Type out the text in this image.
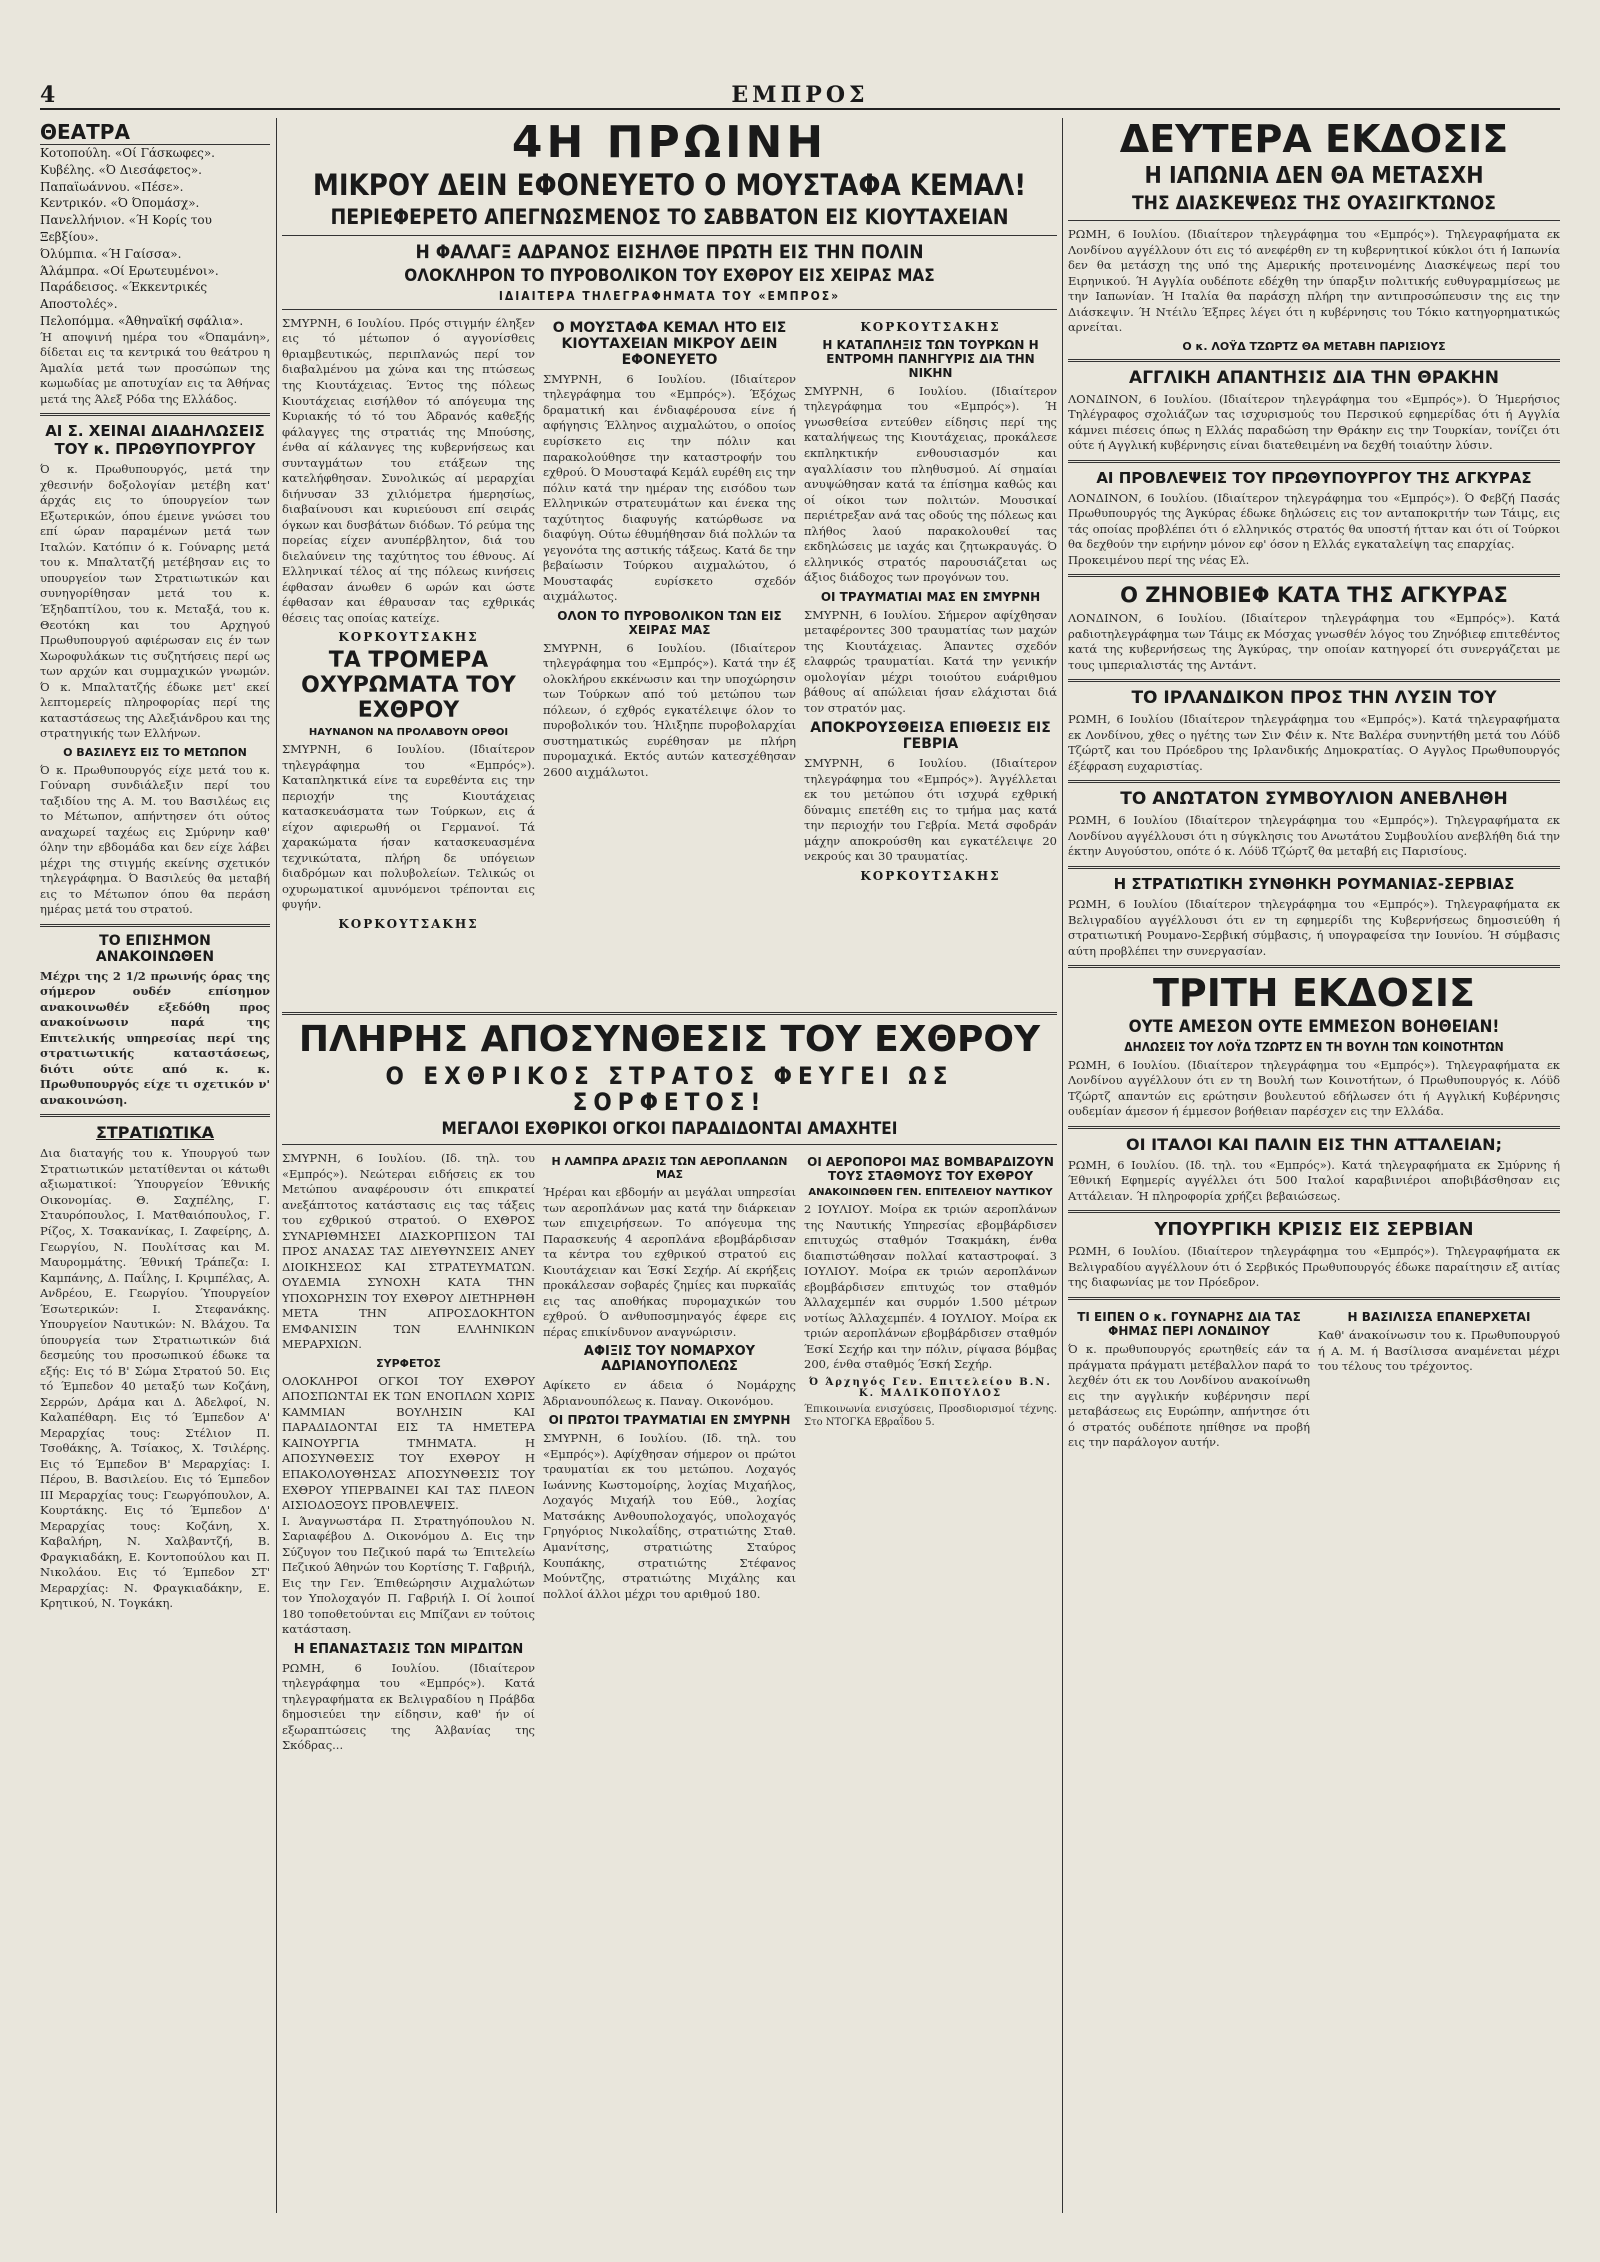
4	ΕΜΠΡΟΣ
ΘΕΑΤΡΑ

Κοτοπούλη. «Οί Γάσκωφες».

Κυβέλης. «Ό Διεσάφετος».

Παπαϊωάννου. «Πέσε».

Κεντρικόν. «Ό Όπομάσχ».

Πανελλήνιον. «Ή Κορίς του Ξεβξίου».

Όλύμπια. «Ή Γαίσσα».

Άλάμπρα. «Οί Ερωτευμένοι».

Παράδεισος. «Έκκεντρικές Αποστολές».

Πελοπόμμα. «Άθηναϊκή σφάλια».

Ή αποψινή ημέρα του «Όπαμάνη», δίδεται εις τα κεντρικά του θεάτρου η Άμαλία μετά των προσώπων της κωμωδίας με αποτυχίαν εις τα Άθήνας μετά της Άλεξ Ρόδα της Ελλάδος.

ΑΙ Σ. ΧΕΙΝΑΙ ΔΙΑΔΗΛΩΣΕΙΣ ΤΟΥ κ. ΠΡΩΘΥΠΟΥΡΓΟΥ

Ό κ. Πρωθυπουργός, μετά την χθεσινήν δοξολογίαν μετέβη κατ' άρχάς εις το ύπουργείον των Εξωτερικών, όπου έμεινε γνώσει του επί ώραν παραμένων μετά των Ιταλών. Κατόπιν ό κ. Γούναρης μετά του κ. Μπαλτατζή μετέβησαν εις το υπουργείον των Στρατιωτικών και συνηγορίθησαν μετά του κ. Έξηδαπτίλου, του κ. Μεταξά, του κ. Θεοτόκη και του Αρχηγού Πρωθυπουργού αφιέρωσαν εις έν των Χωροφυλάκων τις συζητήσεις περί ως των αρχών και συμμαχικών γνωμών. Ό κ. Μπαλτατζής έδωκε μετ' εκεί λεπτομερείς πληροφορίας περί της καταστάσεως της Αλεξιάνδρου και της στρατηγικής των Ελλήνων.

Ο ΒΑΣΙΛΕΥΣ ΕΙΣ ΤΟ ΜΕΤΩΠΟΝ

Ό κ. Πρωθυπουργός είχε μετά του κ. Γούναρη συνδιάλεξιν περί του ταξιδίου της Α. Μ. του Βασιλέως εις το Μέτωπον, απήντησεν ότι ούτος αναχωρεί ταχέως εις Σμύρνην καθ' όλην την εβδομάδα και δεν είχε λάβει μέχρι της στιγμής εκείνης σχετικόν τηλεγράφημα. Ό Βασιλεύς θα μεταβή εις το Μέτωπον όπου θα περάση ημέρας μετά του στρατού.

ΤΟ ΕΠΙΣΗΜΟΝ ΑΝΑΚΟΙΝΩΘΕΝ

Μέχρι της 2 1/2 πρωινής όρας της σήμερον ουδέν επίσημον ανακοινωθέν εξεδόθη προς ανακοίνωσιν παρά της Επιτελικής υπηρεσίας περί της στρατιωτικής καταστάσεως, διότι ούτε από κ. κ. Πρωθυπουργός είχε τι σχετικόν ν' ανακοινώση.

ΣΤΡΑΤΙΩΤΙΚΑ

Δια διαταγής του κ. Υπουργού των Στρατιωτικών μετατίθενται οι κάτωθι αξιωματικοί: Ύπουργείον Έθνικής Οικονομίας. Θ. Σαχπέλης, Γ. Σταυρόπουλος, Ι. Ματθαιόπουλος, Γ. Ρίζος, Χ. Τσακανίκας, Ι. Ζαφείρης, Δ. Γεωργίου, Ν. Πουλίτσας και Μ. Μαυρομμάτης. Έθνική Τράπεζα: Ι. Καμπάνης, Δ. Παΐλης, Ι. Κριμπέλας, Α. Ανδρέου, Ε. Γεωργίου. Ύπουργείον Έσωτερικών: Ι. Στεφανάκης. Υπουργείον Ναυτικών: Ν. Βλάχου. Τα ύπουργεία των Στρατιωτικών διά δεσμεύης του προσωπικού έδωκε τα εξής: Εις τό Β' Σώμα Στρατού 50. Εις τό Έμπεδον 40 μεταξύ των Κοζάνη, Σερρών, Δράμα και Δ. Άδελφοί, Ν. Καλαπέθαρη. Εις τό Έμπεδον Α' Μεραρχίας τους: Στέλιον Π. Τσοθάκης, Ά. Τσίακος, Χ. Τσιλέρης. Εις τό Έμπεδον Β' Μεραρχίας: Ι. Πέρου, Β. Βασιλείου. Εις τό Έμπεδον ΙΙΙ Μεραρχίας τους: Γεωργόπουλον, Α. Κουρτάκης. Εις τό Έμπεδον Δ' Μεραρχίας τους: Κοζάνη, Χ. Καβαλήρη, Ν. Χαλβαντζή, Β. Φραγκιαδάκη, Ε. Κοντοπούλου και Π. Νικολάου. Εις τό Έμπεδον ΣΤ' Μεραρχίας: Ν. Φραγκιαδάκην, Ε. Κρητικού, Ν. Τογκάκη.

4Η ΠΡΩΙΝΗ
ΜΙΚΡΟΥ ΔΕΙΝ ΕΦΟΝΕΥΕΤΟ Ο ΜΟΥΣΤΑΦΑ ΚΕΜΑΛ!
ΠΕΡΙΕΦΕΡΕΤΟ ΑΠΕΓΝΩΣΜΕΝΟΣ ΤΟ ΣΑΒΒΑΤΟΝ ΕΙΣ ΚΙΟΥΤΑΧΕΙΑΝ
Η ΦΑΛΑΓΞ ΑΔΡΑΝΟΣ ΕΙΣΗΛΘΕ ΠΡΩΤΗ ΕΙΣ ΤΗΝ ΠΟΛΙΝ
ΟΛΟΚΛΗΡΟΝ ΤΟ ΠΥΡΟΒΟΛΙΚΟΝ ΤΟΥ ΕΧΘΡΟΥ ΕΙΣ ΧΕΙΡΑΣ ΜΑΣ
ΙΔΙΑΙΤΕΡΑ ΤΗΛΕΓΡΑΦΗΜΑΤΑ ΤΟΥ «ΕΜΠΡΟΣ»

ΣΜΥΡΝΗ, 6 Ιουλίου. Πρός στιγμήν έληξεν εις τό μέτωπον ό αγγονίσθεις θριαμβευτικώς, περιπλανώς περί τον διαβαλμένου μα χώνα και της πτώσεως της Κιουτάχειας. Έντος της πόλεως Κιουτάχειας εισήλθον τό απόγευμα της Κυριακής τό τό του Άδρανός καθεξής φάλαγγες της στρατιάς της Μπούσης, ένθα αί κάλανγες της κυβερνήσεως και συνταγμάτων του ετάξεων της κατελήφθησαν. Συνολικώς αί μεραρχίαι διήνυσαν 33 χιλιόμετρα ήμερησίως, διαβαίνουσι και κυριεύουσι επί σειράς όγκων και δυσβάτων διόδων. Τό ρεύμα της πορείας είχεν ανυπέρβλητον, διά του διελαύνειν της ταχύτητος του έθνους. Αί Ελληνικαί τέλος αί της πόλεως κινήσεις έφθασαν άνωθεν 6 ωρών και ώστε έφθασαν και έθραυσαν τας εχθρικάς θέσεις τας οποίας κατείχε.

ΚΟΡΚΟΥΤΣΑΚΗΣ
ΤΑ ΤΡΟΜΕΡΑ ΟΧΥΡΩΜΑΤΑ ΤΟΥ ΕΧΘΡΟΥ
ΗΑΥΝΑΝΟΝ ΝΑ ΠΡΟΛΑΒΟΥΝ ΟΡΘΟΙ

ΣΜΥΡΝΗ, 6 Ιουλίου. (Ιδιαίτερον τηλεγράφημα του «Εμπρός»). Καταπληκτικά είνε τα ευρεθέντα εις την περιοχήν της Κιουτάχειας κατασκευάσματα των Τούρκων, εις ά είχον αφιερωθή οι Γερμανοί. Τά χαρακώματα ήσαν κατασκευασμένα τεχνικώτατα, πλήρη δε υπόγειων διαδρόμων και πολυβολείων. Τελικώς οι οχυρωματικοί αμυνόμενοι τρέπονται εις φυγήν.

ΚΟΡΚΟΥΤΣΑΚΗΣ
Ο ΜΟΥΣΤΑΦΑ ΚΕΜΑΛ ΗΤΟ ΕΙΣ ΚΙΟΥΤΑΧΕΙΑΝ ΜΙΚΡΟΥ ΔΕΙΝ ΕΦΟΝΕΥΕΤΟ

ΣΜΥΡΝΗ, 6 Ιουλίου. (Ιδιαίτερον τηλεγράφημα του «Εμπρός»). Έξόχως δραματική και ένδιαφέρουσα είνε ή αφήγησις Έλληνος αιχμαλώτου, ο οποίος ευρίσκετο εις την πόλιν και παρακολούθησε την καταστροφήν του εχθρού. Ό Μουσταφά Κεμάλ ευρέθη εις την πόλιν κατά την ημέραν της εισόδου των Ελληνικών στρατευμάτων και ένεκα της ταχύτητος διαφυγής κατώρθωσε να διαφύγη. Ούτω έθυμήθησαν διά πολλών τα γεγονότα της αστικής τάξεως. Κατά δε την βεβαίωσιν Τούρκου αιχμαλώτου, ό Μουσταφάς ευρίσκετο σχεδόν αιχμάλωτος.

ΟΛΟΝ ΤΟ ΠΥΡΟΒΟΛΙΚΟΝ ΤΩΝ ΕΙΣ ΧΕΙΡΑΣ ΜΑΣ

ΣΜΥΡΝΗ, 6 Ιουλίου. (Ιδιαίτερον τηλεγράφημα του «Εμπρός»). Κατά την έξ ολοκλήρου εκκένωσιν και την υποχώρησιν των Τούρκων από τού μετώπου των πόλεων, ό εχθρός εγκατέλειψε όλον το πυροβολικόν του. Ήλιξηπε πυροβολαρχίαι συστηματικώς ευρέθησαν με πλήρη πυρομαχικά. Εκτός αυτών κατεσχέθησαν 2600 αιχμάλωτοι.

ΚΟΡΚΟΥΤΣΑΚΗΣ
Η ΚΑΤΑΠΛΗΞΙΣ ΤΩΝ ΤΟΥΡΚΩΝ Η ΕΝΤΡΟΜΗ ΠΑΝΗΓΥΡΙΣ ΔΙΑ ΤΗΝ ΝΙΚΗΝ

ΣΜΥΡΝΗ, 6 Ιουλίου. (Ιδιαίτερον τηλεγράφημα του «Εμπρός»). Ή γνωσθείσα εντεύθεν είδησις περί της καταλήψεως της Κιουτάχειας, προκάλεσε εκπληκτικήν ενθουσιασμόν και αγαλλίασιν του πληθυσμού. Αί σημαίαι ανυψώθησαν κατά τα έπίσημα καθώς και οί οίκοι των πολιτών. Μουσικαί περιέτρεξαν ανά τας οδούς της πόλεως και πλήθος λαού παρακολουθεί τας εκδηλώσεις με ιαχάς και ζητωκραυγάς. Ό ελληνικός στρατός παρουσιάζεται ως άξιος διάδοχος των προγόνων του.

ΟΙ ΤΡΑΥΜΑΤΙΑΙ ΜΑΣ ΕΝ ΣΜΥΡΝΗ

ΣΜΥΡΝΗ, 6 Ιουλίου. Σήμερον αφίχθησαν μεταφέροντες 300 τραυματίας των μαχών της Κιουτάχειας. Άπαντες σχεδόν ελαφρώς τραυματίαι. Κατά την γενικήν ομολογίαν μέχρι τοιούτου ευάριθμου βάθους αί απώλειαι ήσαν ελάχισται διά τον στρατόν μας.

ΑΠΟΚΡΟΥΣΘΕΙΣΑ ΕΠΙΘΕΣΙΣ ΕΙΣ ΓΕΒΡΙΑ

ΣΜΥΡΝΗ, 6 Ιουλίου. (Ιδιαίτερον τηλεγράφημα του «Εμπρός»). Άγγέλλεται εκ του μετώπου ότι ισχυρά εχθρική δύναμις επετέθη εις το τμήμα μας κατά την περιοχήν του Γεβρία. Μετά σφοδράν μάχην αποκρούσθη και εγκατέλειψε 20 νεκρούς και 30 τραυματίας.

ΚΟΡΚΟΥΤΣΑΚΗΣ
ΠΛΗΡΗΣ ΑΠΟΣΥΝΘΕΣΙΣ ΤΟΥ ΕΧΘΡΟΥ
Ο ΕΧΘΡΙΚΟΣ ΣΤΡΑΤΟΣ ΦΕΥΓΕΙ ΩΣ ΣΟΡΦΕΤΟΣ!
ΜΕΓΑΛΟΙ ΕΧΘΡΙΚΟΙ ΟΓΚΟΙ ΠΑΡΑΔΙΔΟΝΤΑΙ ΑΜΑΧΗΤΕΙ

ΣΜΥΡΝΗ, 6 Ιουλίου. (Ιδ. τηλ. του «Εμπρός»). Νεώτεραι ειδήσεις εκ του Μετώπου αναφέρουσιν ότι επικρατεί ανεξάπτοτος κατάστασις εις τας τάξεις του εχθρικού στρατού. Ο ΕΧΘΡΟΣ ΣΥΝΑΡΙΘΜΗΣΕΙ ΔΙΑΣΚΟΡΠΙΣΟΝ ΤΑΙ ΠΡΟΣ ΑΝΑΣΑΣ ΤΑΣ ΔΙΕΥΘΥΝΣΕΙΣ ΑΝΕΥ ΔΙΟΙΚΗΣΕΩΣ ΚΑΙ ΣΤΡΑΤΕΥΜΑΤΩΝ. ΟΥΔΕΜΙΑ ΣΥΝΟΧΗ ΚΑΤΑ ΤΗΝ ΥΠΟΧΩΡΗΣΙΝ ΤΟΥ ΕΧΘΡΟΥ ΔΙΕΤΗΡΗΘΗ ΜΕΤΑ ΤΗΝ ΑΠΡΟΣΔΟΚΗΤΟΝ ΕΜΦΑΝΙΣΙΝ ΤΩΝ ΕΛΛΗΝΙΚΩΝ ΜΕΡΑΡΧΙΩΝ.

ΣΥΡΦΕΤΟΣ

ΟΛΟΚΛΗΡΟΙ ΟΓΚΟΙ ΤΟΥ ΕΧΘΡΟΥ ΑΠΟΣΠΩΝΤΑΙ ΕΚ ΤΩΝ ΕΝΟΠΛΩΝ ΧΩΡΙΣ ΚΑΜΜΙΑΝ ΒΟΥΛΗΣΙΝ ΚΑΙ ΠΑΡΑΔΙΔΟΝΤΑΙ ΕΙΣ ΤΑ ΗΜΕΤΕΡΑ ΚΑΙΝΟΥΡΓΙΑ ΤΜΗΜΑΤΑ. Η ΑΠΟΣΥΝΘΕΣΙΣ ΤΟΥ ΕΧΘΡΟΥ Η ΕΠΑΚΟΛΟΥΘΗΣΑΣ ΑΠΟΣΥΝΘΕΣΙΣ ΤΟΥ ΕΧΘΡΟΥ ΥΠΕΡΒΑΙΝΕΙ ΚΑΙ ΤΑΣ ΠΛΕΟΝ ΑΙΣΙΟΔΟΞΟΥΣ ΠΡΟΒΛΕΨΕΙΣ.

Ι. Άναγνωστάρα Π. Στρατηγόπουλου Ν. Σαριαφέβου Δ. Οικονόμου Δ. Εις την Σύζυγον του Πεζικού παρά τω Έπιτελείω Πεζικού Άθηνών του Κορτίσης Τ. Γαβριήλ, Εις την Γεν. Έπιθεώρησιν Αιχμαλώτων τον Υπολοχαγόν Π. Γαβριήλ Ι. Οί λοιποί 180 τοποθετούνται εις Μπίζανι εν τούτοις κατάσταση.

Η ΕΠΑΝΑΣΤΑΣΙΣ ΤΩΝ ΜΙΡΔΙΤΩΝ

ΡΩΜΗ, 6 Ιουλίου. (Ιδιαίτερον τηλεγράφημα του «Εμπρός»). Κατά τηλεγραφήματα εκ Βελιγραδίου η Πράβδα δημοσιεύει την είδησιν, καθ' ήν οί εξωραπτώσεις της Άλβανίας της Σκόδρας...

Η ΛΑΜΠΡΑ ΔΡΑΣΙΣ ΤΩΝ ΑΕΡΟΠΛΑΝΩΝ ΜΑΣ

Ήρέραι και εβδομήν αι μεγάλαι υπηρεσίαι των αεροπλάνων μας κατά την διάρκειαν των επιχειρήσεων. Το απόγευμα της Παρασκευής 4 αεροπλάνα εβομβάρδισαν τα κέντρα του εχθρικού στρατού εις Κιουτάχειαν και Έσκί Σεχήρ. Αί εκρήξεις προκάλεσαν σοβαρές ζημίες και πυρκαϊάς εις τας αποθήκας πυρομαχικών του εχθρού. Ό ανθυποσμηναγός έφερε εις πέρας επικίνδυνον αναγνώρισιν.

ΑΦΙΞΙΣ ΤΟΥ ΝΟΜΑΡΧΟΥ ΑΔΡΙΑΝΟΥΠΟΛΕΩΣ

Αφίκετο εν άδεια ό Νομάρχης Άδριανουπόλεως κ. Παναγ. Οικονόμου.

ΟΙ ΠΡΩΤΟΙ ΤΡΑΥΜΑΤΙΑΙ ΕΝ ΣΜΥΡΝΗ

ΣΜΥΡΝΗ, 6 Ιουλίου. (Ιδ. τηλ. του «Εμπρός»). Αφίχθησαν σήμερον οι πρώτοι τραυματίαι εκ του μετώπου. Λοχαγός Ιωάννης Κωστομοίρης, λοχίας Μιχαήλος, Λοχαγός Μιχαήλ του Εύθ., λοχίας Ματσάκης Ανθουπολοχαγός, υπολοχαγός Γρηγόριος Νικολαΐδης, στρατιώτης Σταθ. Αμανίτσης, στρατιώτης Σταύρος Κουπάκης, στρατιώτης Στέφανος Μούντζης, στρατιώτης Μιχάλης και πολλοί άλλοι μέχρι του αριθμού 180.

ΟΙ ΑΕΡΟΠΟΡΟΙ ΜΑΣ ΒΟΜΒΑΡΔΙΖΟΥΝ ΤΟΥΣ ΣΤΑΘΜΟΥΣ ΤΟΥ ΕΧΘΡΟΥ
ΑΝΑΚΟΙΝΩΘΕΝ ΓΕΝ. ΕΠΙΤΕΛΕΙΟΥ ΝΑΥΤΙΚΟΥ

2 ΙΟΥΛΙΟΥ. Μοίρα εκ τριών αεροπλάνων της Ναυτικής Υπηρεσίας εβομβάρδισεν επιτυχώς σταθμόν Τσακμάκη, ένθα διαπιστώθησαν πολλαί καταστροφαί. 3 ΙΟΥΛΙΟΥ. Μοίρα εκ τριών αεροπλάνων εβομβάρδισεν επιτυχώς τον σταθμόν Άλλαχεμπέν και συρμόν 1.500 μέτρων νοτίως Άλλαχεμπέν. 4 ΙΟΥΛΙΟΥ. Μοίρα εκ τριών αεροπλάνων εβομβάρδισεν σταθμόν Έσκί Σεχήρ και την πόλιν, ρίψασα βόμβας 200, ένθα σταθμός Έσκή Σεχήρ.

Ό Άρχηγός Γεν. Επιτελείου Β.Ν. Κ. ΜΑΛΙΚΟΠΟΥΛΟΣ

Έπικοινωνία ενισχύσεις, Προσδιορισμοί τέχνης. Στο ΝΤΟΓΚΑ Εβραΐδου 5.

ΔΕΥΤΕΡΑ ΕΚΔΟΣΙΣ
Η ΙΑΠΩΝΙΑ ΔΕΝ ΘΑ ΜΕΤΑΣΧΗ
ΤΗΣ ΔΙΑΣΚΕΨΕΩΣ ΤΗΣ ΟΥΑΣΙΓΚΤΩΝΟΣ

ΡΩΜΗ, 6 Ιουλίου. (Ιδιαίτερον τηλεγράφημα του «Εμπρός»). Τηλεγραφήματα εκ Λονδίνου αγγέλλουν ότι εις τό ανεφέρθη εν τη κυβερνητικοί κύκλοι ότι ή Ιαπωνία δεν θα μετάσχη της υπό της Αμερικής προτεινομένης Διασκέψεως περί του Ειρηνικού. Ή Αγγλία ουδέποτε εδέχθη την ύπαρξιν πολιτικής ευθυγραμμίσεως με την Ιαπωνίαν. Ή Ιταλία θα παράσχη πλήρη την αντιπροσώπευσιν της εις την Διάσκεψιν. Ή Ντέιλυ Έξπρες λέγει ότι η κυβέρνησις του Τόκιο κατηγορηματικώς αρνείται.

Ο κ. ΛΟΫΔ ΤΖΩΡΤΖ ΘΑ ΜΕΤΑΒΗ ΠΑΡΙΣΙΟΥΣ
ΑΓΓΛΙΚΗ ΑΠΑΝΤΗΣΙΣ ΔΙΑ ΤΗΝ ΘΡΑΚΗΝ

ΛΟΝΔΙΝΟΝ, 6 Ιουλίου. (Ιδιαίτερον τηλεγράφημα του «Εμπρός»). Ό Ήμερήσιος Τηλέγραφος σχολιάζων τας ισχυρισμούς του Περσικού εφημερίδας ότι ή Αγγλία κάμνει πιέσεις όπως η Ελλάς παραδώση την Θράκην εις την Τουρκίαν, τονίζει ότι ούτε ή Αγγλική κυβέρνησις είναι διατεθειμένη να δεχθή τοιαύτην λύσιν.

ΑΙ ΠΡΟΒΛΕΨΕΙΣ ΤΟΥ ΠΡΩΘΥΠΟΥΡΓΟΥ ΤΗΣ ΑΓΚΥΡΑΣ

ΛΟΝΔΙΝΟΝ, 6 Ιουλίου. (Ιδιαίτερον τηλεγράφημα του «Εμπρός»). Ό Φεβζή Πασάς Πρωθυπουργός της Άγκύρας έδωκε δηλώσεις εις τον ανταποκριτήν των Τάιμς, εις τάς οποίας προβλέπει ότι ό ελληνικός στρατός θα υποστή ήτταν και ότι οί Τούρκοι θα δεχθούν την ειρήνην μόνον εφ' όσον η Ελλάς εγκαταλείψη τας επαρχίας.

Προκειμένου περί της νέας Ελ.

Ο ΖΗΝΟΒΙΕΦ ΚΑΤΑ ΤΗΣ ΑΓΚΥΡΑΣ

ΛΟΝΔΙΝΟΝ, 6 Ιουλίου. (Ιδιαίτερον τηλεγράφημα του «Εμπρός»). Κατά ραδιοτηλεγράφημα των Τάιμς εκ Μόσχας γνωσθέν λόγος του Ζηνόβιεφ επιτεθέντος κατά της κυβερνήσεως της Άγκύρας, την οποίαν κατηγορεί ότι συνεργάζεται με τους ιμπεριαλιστάς της Αντάντ.

ΤΟ ΙΡΛΑΝΔΙΚΟΝ ΠΡΟΣ ΤΗΝ ΛΥΣΙΝ ΤΟΥ

ΡΩΜΗ, 6 Ιουλίου (Ιδιαίτερον τηλεγράφημα του «Εμπρός»). Κατά τηλεγραφήματα εκ Λονδίνου, χθες ο ηγέτης των Σιν Φέιν κ. Ντε Βαλέρα συνηντήθη μετά του Λόϋδ Τζώρτζ και του Πρόεδρου της Ιρλανδικής Δημοκρατίας. Ο Αγγλος Πρωθυπουργός έξέφραση ευχαριστίας.

ΤΟ ΑΝΩΤΑΤΟΝ ΣΥΜΒΟΥΛΙΟΝ ΑΝΕΒΛΗΘΗ

ΡΩΜΗ, 6 Ιουλίου (Ιδιαίτερον τηλεγράφημα του «Εμπρός»). Τηλεγραφήματα εκ Λονδίνου αγγέλλουσι ότι η σύγκλησις του Ανωτάτου Συμβουλίου ανεβλήθη διά την έκτην Αυγούστου, οπότε ό κ. Λόϋδ Τζώρτζ θα μεταβή εις Παρισίους.

Η ΣΤΡΑΤΙΩΤΙΚΗ ΣΥΝΘΗΚΗ ΡΟΥΜΑΝΙΑΣ-ΣΕΡΒΙΑΣ

ΡΩΜΗ, 6 Ιουλίου (Ιδιαίτερον τηλεγράφημα του «Εμπρός»). Τηλεγραφήματα εκ Βελιγραδίου αγγέλλουσι ότι εν τη εφημερίδι της Κυβερνήσεως δημοσιεύθη ή στρατιωτική Ρουμανο-Σερβική σύμβασις, ή υπογραφείσα την Ιουνίου. Ή σύμβασις αύτη προβλέπει την συνεργασίαν.

ΤΡΙΤΗ ΕΚΔΟΣΙΣ
ΟΥΤΕ ΑΜΕΣΟΝ ΟΥΤΕ ΕΜΜΕΣΟΝ ΒΟΗΘΕΙΑΝ!
ΔΗΛΩΣΕΙΣ ΤΟΥ ΛΟΫΔ ΤΖΩΡΤΖ ΕΝ ΤΗ ΒΟΥΛΗ ΤΩΝ ΚΟΙΝΟΤΗΤΩΝ

ΡΩΜΗ, 6 Ιουλίου. (Ιδιαίτερον τηλεγράφημα του «Εμπρός»). Τηλεγραφήματα εκ Λονδίνου αγγέλλουν ότι εν τη Βουλή των Κοινοτήτων, ό Πρωθυπουργός κ. Λόϋδ Τζώρτζ απαντών εις ερώτησιν βουλευτού εδήλωσεν ότι ή Αγγλική Κυβέρνησις ουδεμίαν άμεσον ή έμμεσον βοήθειαν παρέσχεν εις την Ελλάδα.

ΟΙ ΙΤΑΛΟΙ ΚΑΙ ΠΑΛΙΝ ΕΙΣ ΤΗΝ ΑΤΤΑΛΕΙΑΝ;

ΡΩΜΗ, 6 Ιουλίου. (Ιδ. τηλ. του «Εμπρός»). Κατά τηλεγραφήματα εκ Σμύρνης ή Έθνική Εφημερίς αγγέλλει ότι 500 Ιταλοί καραβινιέροι αποβιβάσθησαν εις Αττάλειαν. Ή πληροφορία χρήζει βεβαιώσεως.

ΥΠΟΥΡΓΙΚΗ ΚΡΙΣΙΣ ΕΙΣ ΣΕΡΒΙΑΝ

ΡΩΜΗ, 6 Ιουλίου. (Ιδιαίτερον τηλεγράφημα του «Εμπρός»). Τηλεγραφήματα εκ Βελιγραδίου αγγέλλουν ότι ό Σερβικός Πρωθυπουργός έδωκε παραίτησιν εξ αιτίας της διαφωνίας με τον Πρόεδρον.

ΤΙ ΕΙΠΕΝ Ο κ. ΓΟΥΝΑΡΗΣ ΔΙΑ ΤΑΣ ΦΗΜΑΣ ΠΕΡΙ ΛΟΝΔΙΝΟΥ

Ό κ. πρωθυπουργός ερωτηθείς εάν τα πράγματα πράγματι μετέβαλλον παρά το λεχθέν ότι εκ του Λονδίνου ανακοίνωθη εις την αγγλικήν κυβέρνησιν περί μεταβάσεως εις Ευρώπην, απήντησε ότι ό στρατός ουδέποτε ηπίθησε να προβή εις την παράλογον αυτήν.

Η ΒΑΣΙΛΙΣΣΑ ΕΠΑΝΕΡΧΕΤΑΙ

Καθ' άνακοίνωσιν του κ. Πρωθυπουργού ή Α. Μ. ή Βασίλισσα αναμένεται μέχρι του τέλους του τρέχοντος.
